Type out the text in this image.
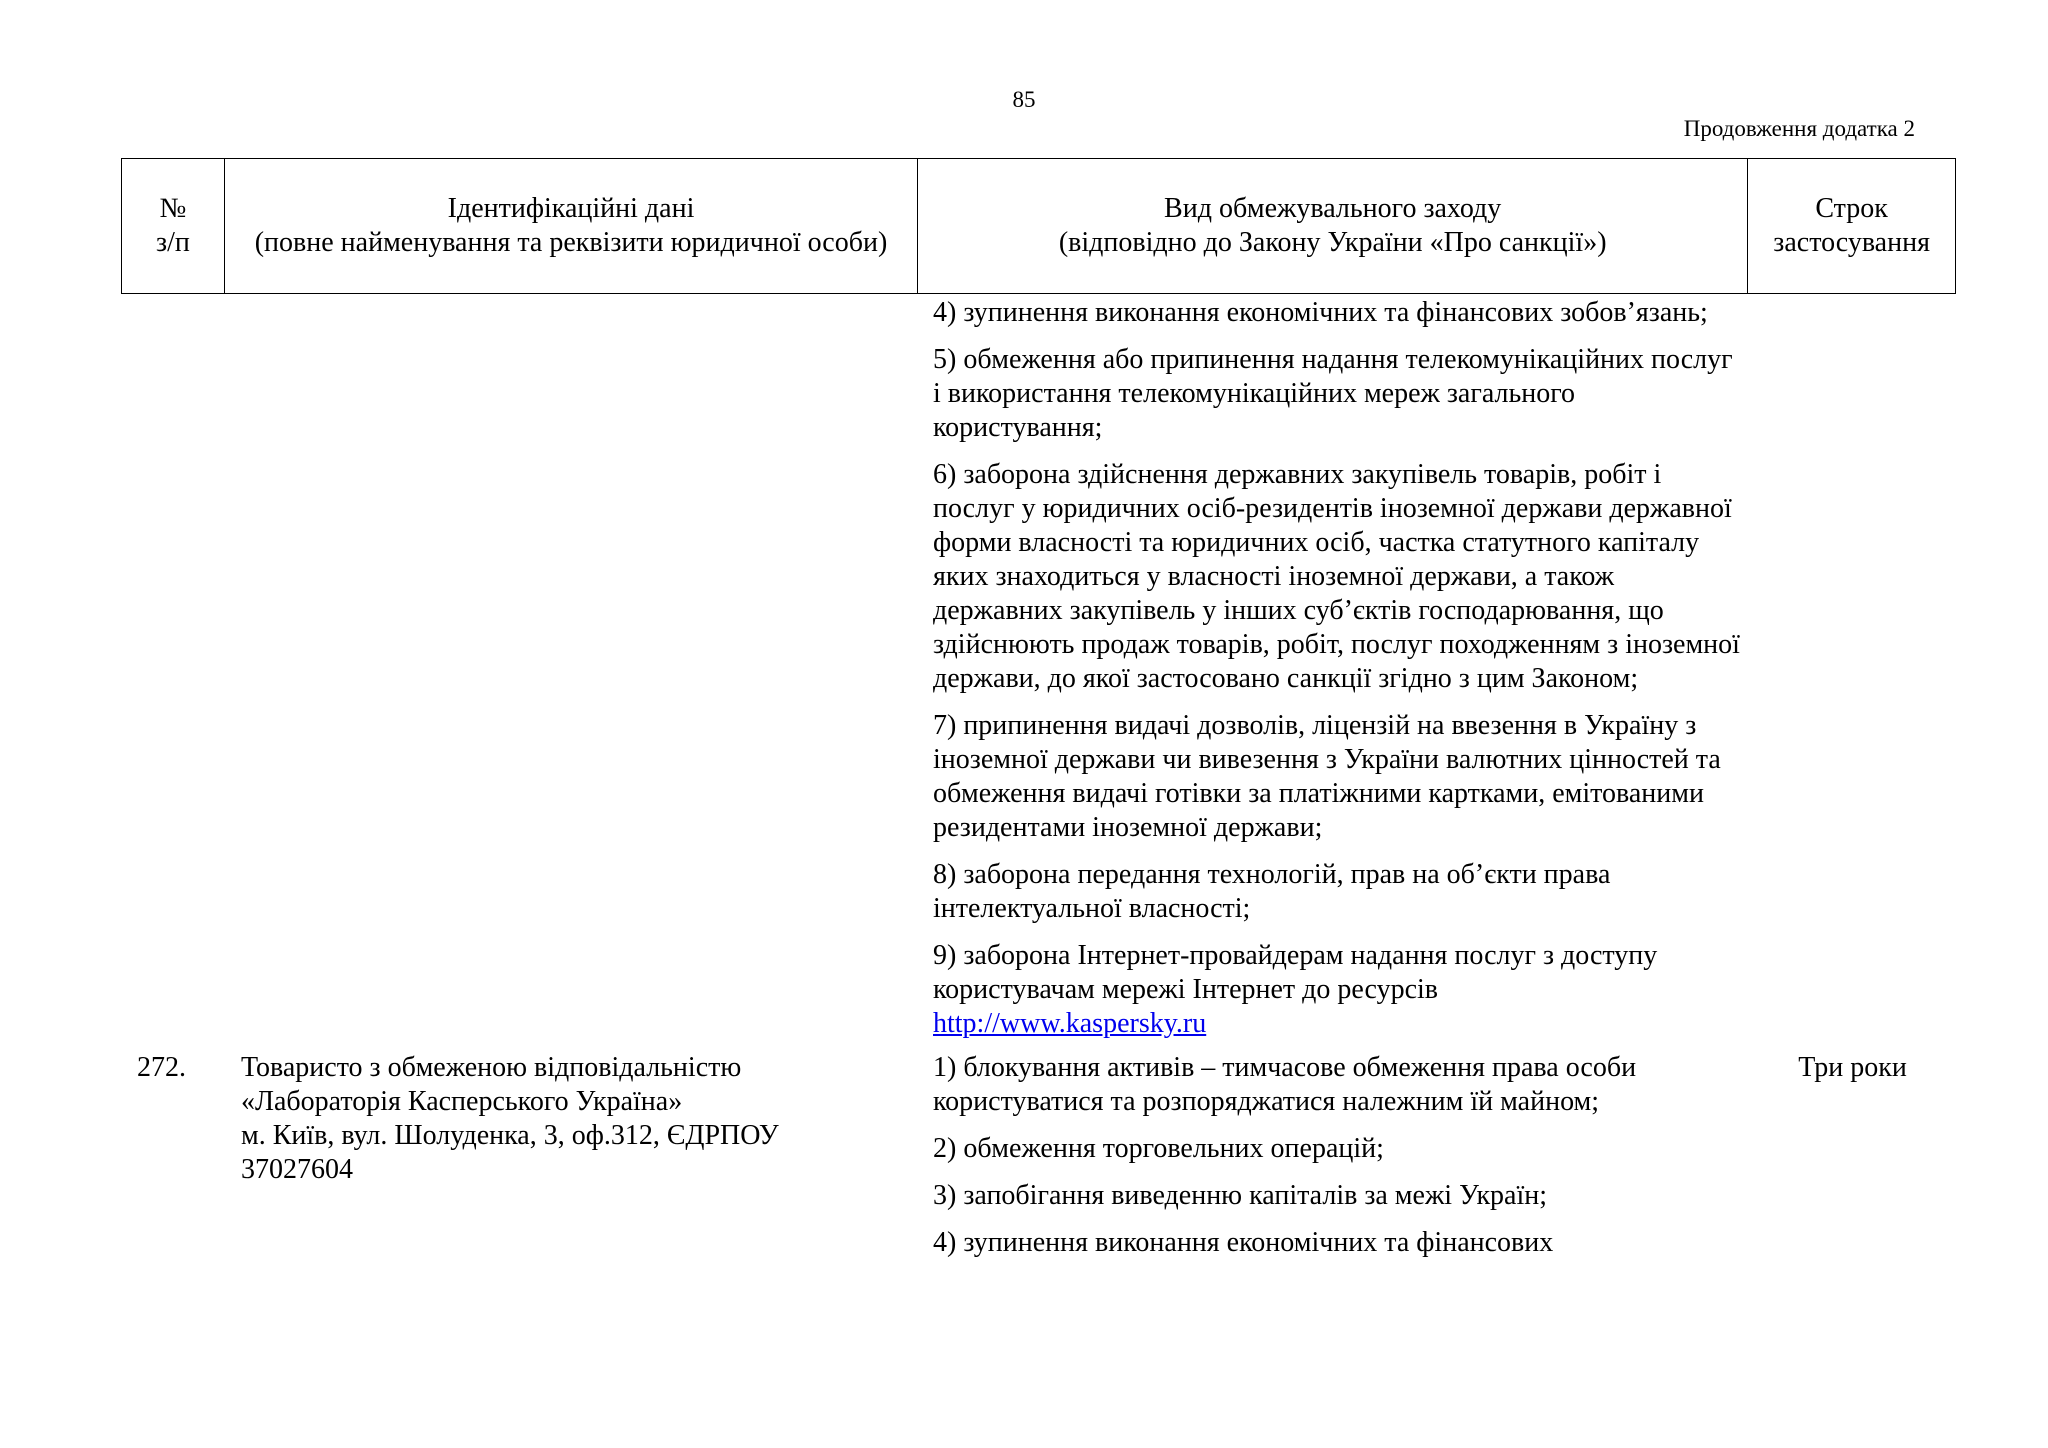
85
Продовження додатка 2
№
з/п
Ідентифікаційні дані
(повне найменування та реквізити юридичної особи)
Вид обмежувального заходу
(відповідно до Закону України «Про санкції»)
Строк
застосування
4) зупинення виконання економічних та фінансових зобов’язань;
5) обмеження або припинення надання телекомунікаційних послуг і використання телекомунікаційних мереж загального користування;
6) заборона здійснення державних закупівель товарів, робіт і послуг у юридичних осіб-резидентів іноземної держави державної форми власності та юридичних осіб, частка статутного капіталу яких знаходиться у власності іноземної держави, а також державних закупівель у інших суб’єктів господарювання, що здійснюють продаж товарів, робіт, послуг походженням з іноземної держави, до якої застосовано санкції згідно з цим Законом;
7) припинення видачі дозволів, ліцензій на ввезення в Україну з іноземної держави чи вивезення з України валютних цінностей та обмеження видачі готівки за платіжними картками, емітованими резидентами іноземної держави;
8) заборона передання технологій, прав на об’єкти права інтелектуальної власності;
9) заборона Інтернет-провайдерам надання послуг з доступу користувачам мережі Інтернет до ресурсів
http://www.kaspersky.ru
272.	Товаристо з обмеженою відповідальністю
«Лабораторія Касперського Україна»
м. Київ, вул. Шолуденка, 3, оф.312, ЄДРПОУ
37027604
1) блокування активів – тимчасове обмеження права особи користуватися та розпоряджатися належним їй майном;
2) обмеження торговельних операцій;
3) запобігання виведенню капіталів за межі Україн;
4) зупинення виконання економічних та фінансових
Три роки
